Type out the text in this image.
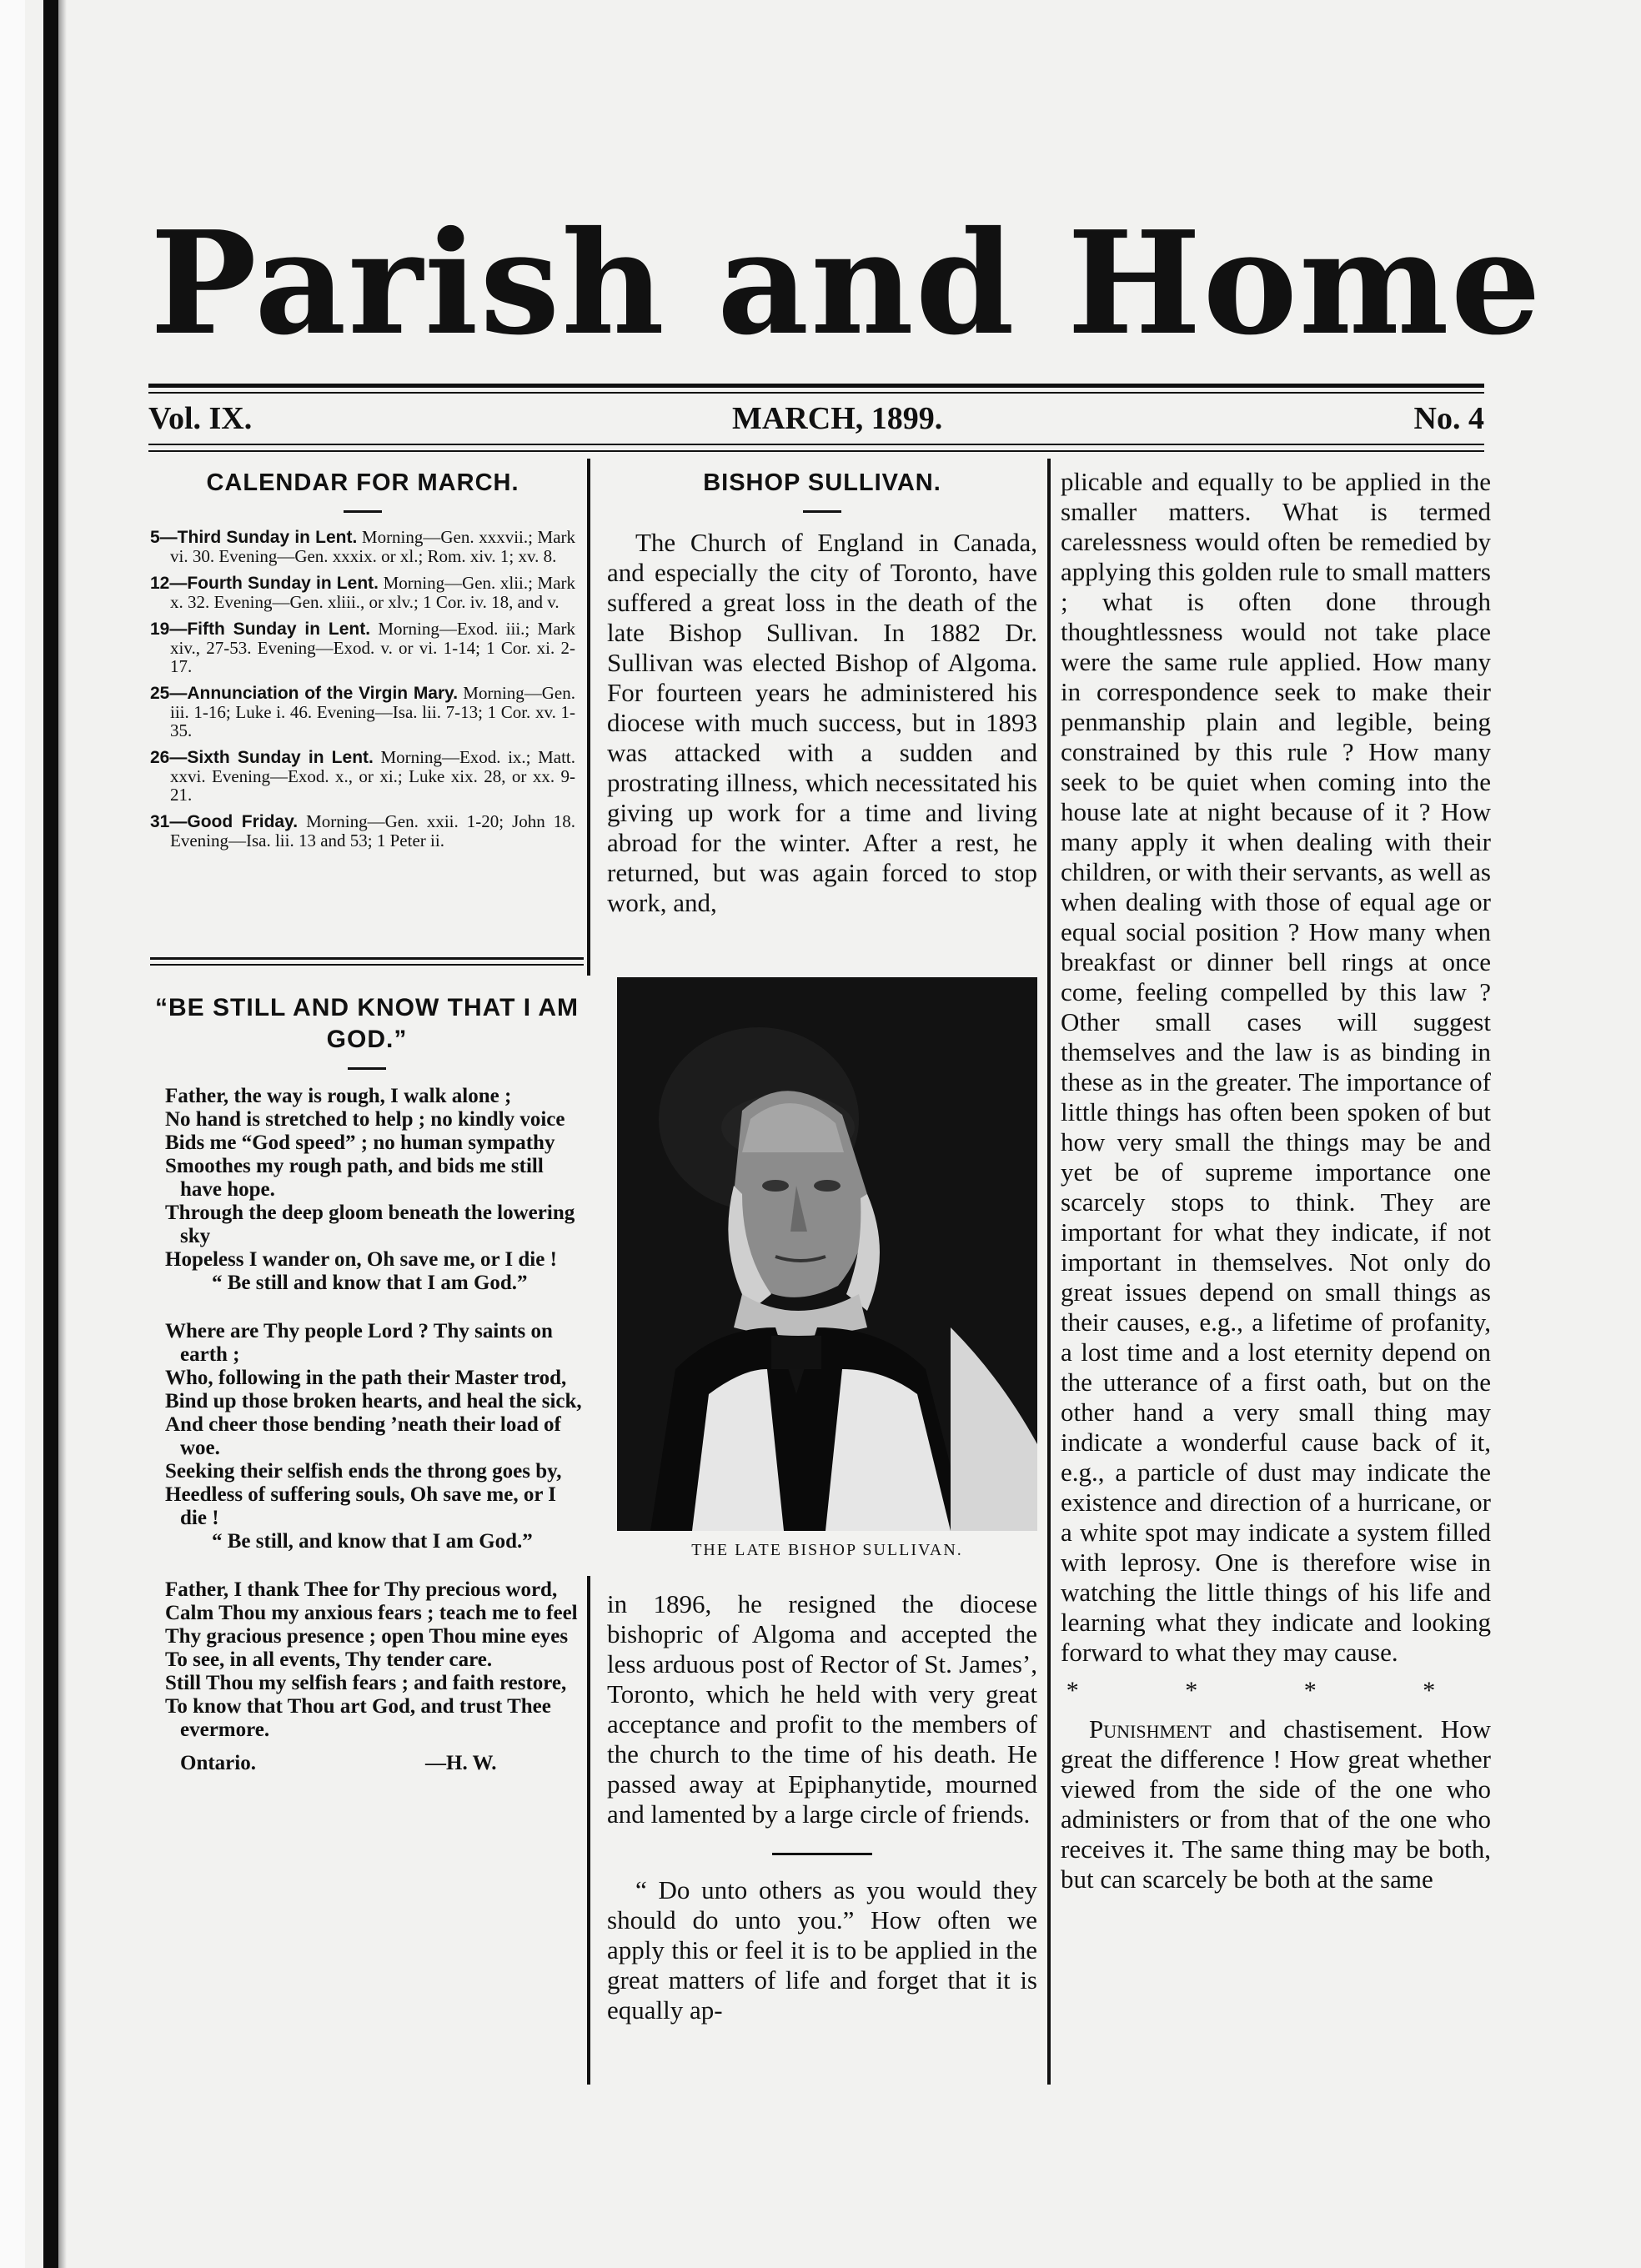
Parish and Home
Vol. IX.	MARCH, 1899.	No. 4
CALENDAR FOR MARCH.
5—Third Sunday in Lent. Morning—Gen. xxxvii.; Mark vi. 30. Evening—Gen. xxxix. or xl.; Rom. xiv. 1; xv. 8.
12—Fourth Sunday in Lent. Morning—Gen. xlii.; Mark x. 32. Evening—Gen. xliii., or xlv.; 1 Cor. iv. 18, and v.
19—Fifth Sunday in Lent. Morning—Exod. iii.; Mark xiv., 27-53. Evening—Exod. v. or vi. 1-14; 1 Cor. xi. 2-17.
25—Annunciation of the Virgin Mary. Morning—Gen. iii. 1-16; Luke i. 46. Evening—Isa. lii. 7-13; 1 Cor. xv. 1-35.
26—Sixth Sunday in Lent. Morning—Exod. ix.; Matt. xxvi. Evening—Exod. x., or xi.; Luke xix. 28, or xx. 9-21.
31—Good Friday. Morning—Gen. xxii. 1-20; John 18. Evening—Isa. lii. 13 and 53; 1 Peter ii.
“BE STILL AND KNOW THAT I AM GOD.”
Father, the way is rough, I walk alone ;
No hand is stretched to help ; no kindly voice
Bids me “God speed” ; no human sympathy
Smoothes my rough path, and bids me still have hope.
Through the deep gloom beneath the lowering sky
Hopeless I wander on, Oh save me, or I die !
“ Be still and know that I am God.”
Where are Thy people Lord ? Thy saints on earth ;
Who, following in the path their Master trod,
Bind up those broken hearts, and heal the sick,
And cheer those bending ’neath their load of woe.
Seeking their selfish ends the throng goes by,
Heedless of suffering souls, Oh save me, or I die !
“ Be still, and know that I am God.”
Father, I thank Thee for Thy precious word,
Calm Thou my anxious fears ; teach me to feel
Thy gracious presence ; open Thou mine eyes
To see, in all events, Thy tender care.
Still Thou my selfish fears ; and faith restore,
To know that Thou art God, and trust Thee evermore.
Ontario.	—H. W.
BISHOP SULLIVAN.

The Church of England in Canada, and especially the city of Toronto, have suffered a great loss in the death of the late Bishop Sullivan. In 1882 Dr. Sullivan was elected Bishop of Algoma. For fourteen years he administered his diocese with much success, but in 1893 was attacked with a sudden and prostrating illness, which necessitated his giving up work for a time and living abroad for the winter. After a rest, he returned, but was again forced to stop work, and,

THE LATE BISHOP SULLIVAN.

in 1896, he resigned the diocese bishopric of Algoma and accepted the less arduous post of Rector of St. James’, Toronto, which he held with very great acceptance and profit to the members of the church to the time of his death. He passed away at Epiphanytide, mourned and lamented by a large circle of friends.

“ Do unto others as you would they should do unto you.” How often we apply this or feel it is to be applied in the great matters of life and forget that it is equally ap-

plicable and equally to be applied in the smaller matters. What is termed carelessness would often be remedied by applying this golden rule to small matters ; what is often done through thoughtlessness would not take place were the same rule applied. How many in correspondence seek to make their penmanship plain and legible, being constrained by this rule ? How many seek to be quiet when coming into the house late at night because of it ? How many apply it when dealing with their children, or with their servants, as well as when dealing with those of equal age or equal social position ? How many when breakfast or dinner bell rings at once come, feeling compelled by this law ? Other small cases will suggest themselves and the law is as binding in these as in the greater. The importance of little things has often been spoken of but how very small the things may be and yet be of supreme importance one scarcely stops to think. They are important for what they indicate, if not important in themselves. Not only do great issues depend on small things as their causes, e.g., a lifetime of profanity, a lost time and a lost eternity depend on the utterance of a first oath, but on the other hand a very small thing may indicate a wonderful cause back of it, e.g., a particle of dust may indicate the existence and direction of a hurricane, or a white spot may indicate a system filled with leprosy. One is therefore wise in watching the little things of his life and learning what they indicate and looking forward to what they may cause.

* * * *

Punishment and chastisement. How great the difference ! How great whether viewed from the side of the one who administers or from that of the one who receives it. The same thing may be both, but can scarcely be both at the same
